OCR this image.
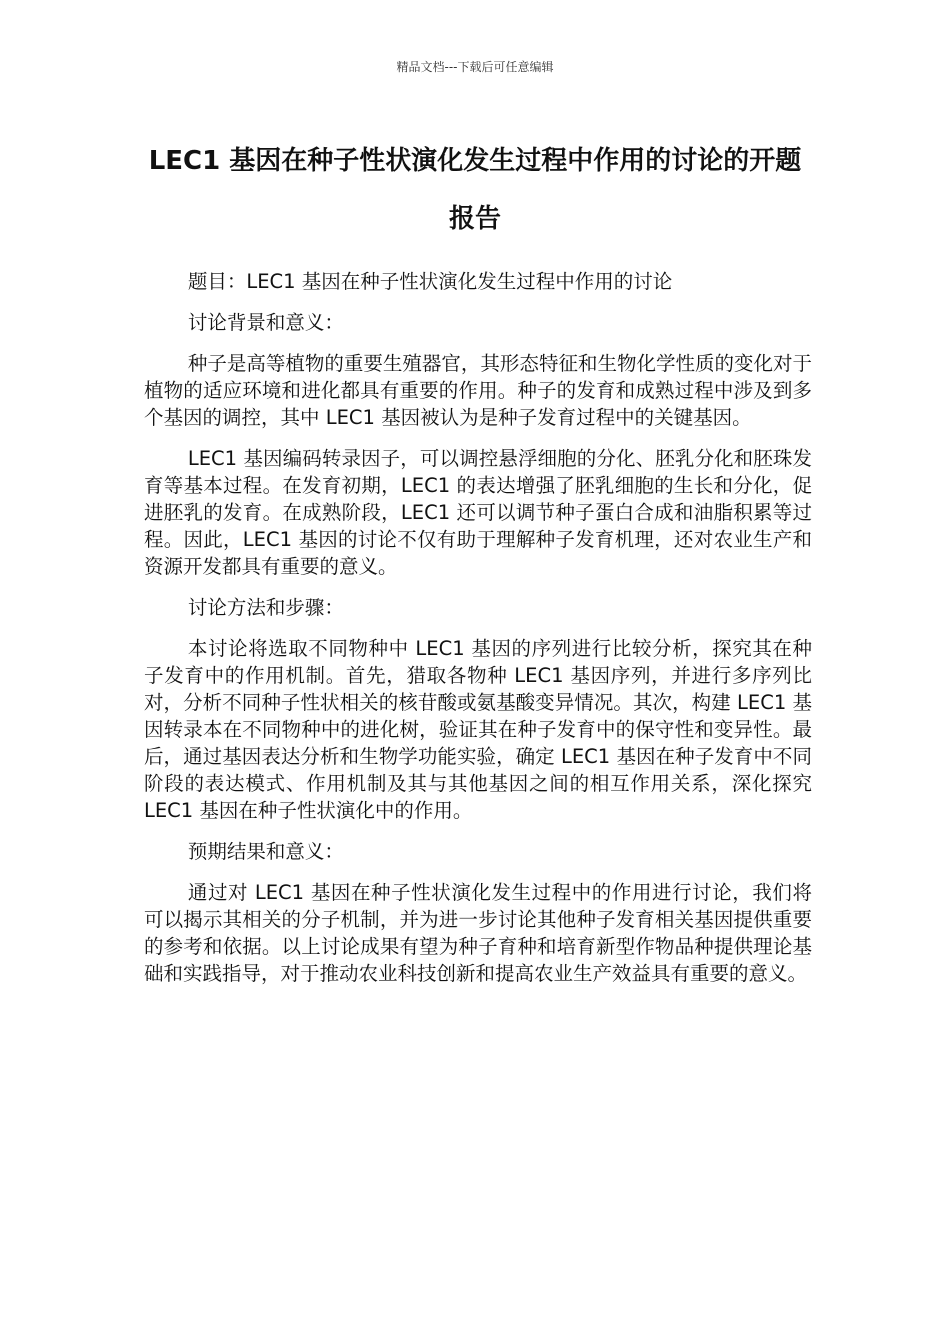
精品文档---下载后可任意编辑
LEC1 基因在种子性状演化发生过程中作用的讨论的开题报告

题目：LEC1 基因在种子性状演化发生过程中作用的讨论

讨论背景和意义：

种子是高等植物的重要生殖器官，其形态特征和生物化学性质的变化对于植物的适应环境和进化都具有重要的作用。种子的发育和成熟过程中涉及到多个基因的调控，其中 LEC1 基因被认为是种子发育过程中的关键基因。

LEC1 基因编码转录因子，可以调控悬浮细胞的分化、胚乳分化和胚珠发育等基本过程。在发育初期，LEC1 的表达增强了胚乳细胞的生长和分化，促进胚乳的发育。在成熟阶段，LEC1 还可以调节种子蛋白合成和油脂积累等过程。因此，LEC1 基因的讨论不仅有助于理解种子发育机理，还对农业生产和资源开发都具有重要的意义。

讨论方法和步骤：

本讨论将选取不同物种中 LEC1 基因的序列进行比较分析，探究其在种子发育中的作用机制。首先，猎取各物种 LEC1 基因序列，并进行多序列比对，分析不同种子性状相关的核苷酸或氨基酸变异情况。其次，构建 LEC1 基因转录本在不同物种中的进化树，验证其在种子发育中的保守性和变异性。最后，通过基因表达分析和生物学功能实验，确定 LEC1 基因在种子发育中不同阶段的表达模式、作用机制及其与其他基因之间的相互作用关系，深化探究 LEC1 基因在种子性状演化中的作用。

预期结果和意义：

通过对 LEC1 基因在种子性状演化发生过程中的作用进行讨论，我们将可以揭示其相关的分子机制，并为进一步讨论其他种子发育相关基因提供重要的参考和依据。以上讨论成果有望为种子育种和培育新型作物品种提供理论基础和实践指导，对于推动农业科技创新和提高农业生产效益具有重要的意义。
